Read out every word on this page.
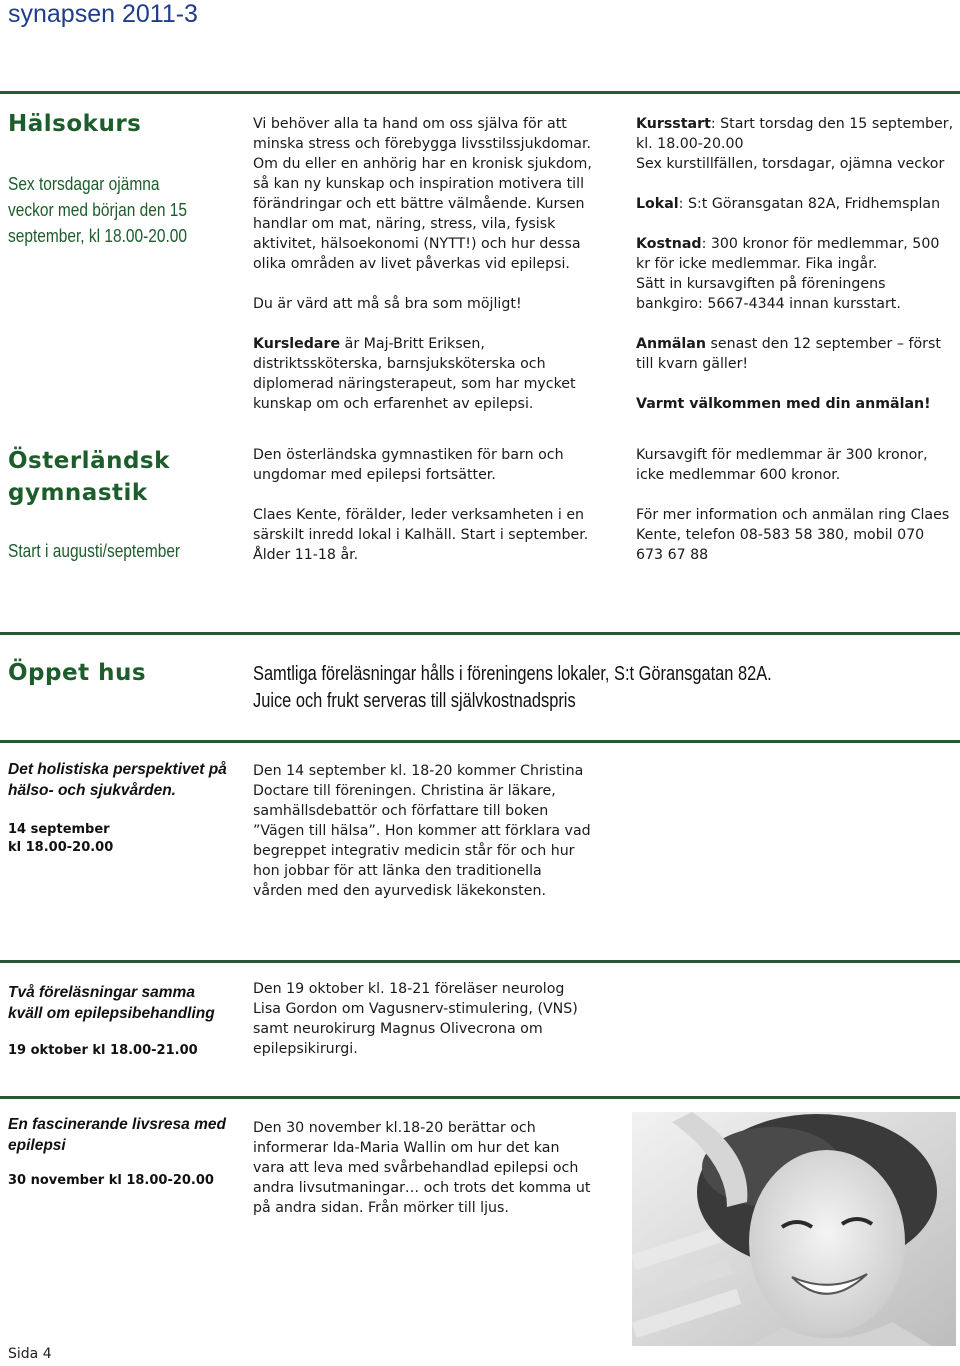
synapsen 2011-3
Hälsokurs
Sex torsdagar ojämna
veckor med början den 15
september, kl 18.00-20.00

Vi behöver alla ta hand om oss själva för att minska stress och förebygga livsstilssjukdomar. Om du eller en anhörig har en kronisk sjukdom, så kan ny kunskap och inspiration motivera till förändringar och ett bättre välmående. Kursen handlar om mat, näring, stress, vila, fysisk aktivitet, hälsoekonomi (NYTT!) och hur dessa olika områden av livet påverkas vid epilepsi.

Du är värd att må så bra som möjligt!

Kursledare är Maj-Britt Eriksen, distriktssköterska, barnsjuksköterska och diplomerad näringsterapeut, som har mycket kunskap om och erfarenhet av epilepsi.

Kursstart: Start torsdag den 15 september, kl. 18.00-20.00

Sex kurstillfällen, torsdagar, ojämna veckor

Lokal: S:t Göransgatan 82A, Fridhemsplan

Kostnad: 300 kronor för medlemmar, 500 kr för icke medlemmar. Fika ingår.

Sätt in kursavgiften på föreningens bankgiro: 5667-4344 innan kursstart.

Anmälan senast den 12 september – först till kvarn gäller!

Varmt välkommen med din anmälan!

Österländsk
gymnastik
Start i augusti/september

Den österländska gymnastiken för barn och ungdomar med epilepsi fortsätter.

Claes Kente, förälder, leder verksamheten i en särskilt inredd lokal i Kalhäll. Start i september. Ålder 11-18 år.

Kursavgift för medlemmar är 300 kronor, icke medlemmar 600 kronor.

För mer information och anmälan ring Claes Kente, telefon 08-583 58 380, mobil 070 673 67 88

Öppet hus	Samtliga föreläsningar hålls i föreningens lokaler, S:t Göransgatan 82A.
Juice och frukt serveras till självkostnadspris
Det holistiska perspektivet på hälso- och sjukvården.
14 september
kl 18.00-20.00
Den 14 september kl. 18-20 kommer Christina Doctare till föreningen. Christina är läkare, samhällsdebattör och författare till boken ”Vägen till hälsa”. Hon kommer att förklara vad begreppet integrativ medicin står för och hur hon jobbar för att länka den traditionella vården med den ayurvedisk läkekonsten.
Två föreläsningar samma kväll om epilepsibehandling
19 oktober kl 18.00-21.00
Den 19 oktober kl. 18-21 föreläser neurolog Lisa Gordon om Vagusnerv-stimulering, (VNS) samt neurokirurg Magnus Olivecrona om epilepsikirurgi.
En fascinerande livsresa med epilepsi
30 november kl 18.00-20.00
Den 30 november kl.18-20 berättar och informerar Ida-Maria Wallin om hur det kan vara att leva med svårbehandlad epilepsi och andra livsutmaningar… och trots det komma ut på andra sidan. Från mörker till ljus.
Sida 4
